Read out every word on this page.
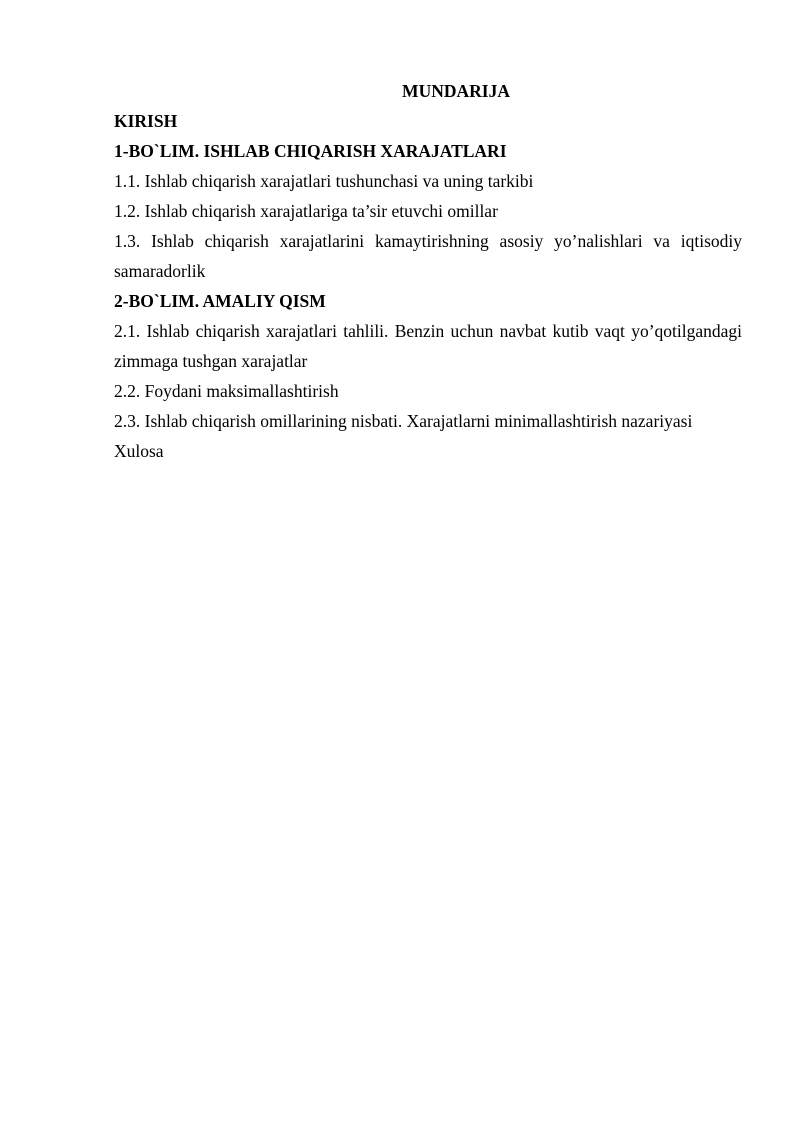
MUNDARIJA

KIRISH

1-BO`LIM. ISHLAB CHIQARISH XARAJATLARI

1.1. Ishlab chiqarish xarajatlari tushunchasi va uning tarkibi

1.2. Ishlab chiqarish xarajatlariga ta’sir etuvchi omillar

1.3. Ishlab chiqarish xarajatlarini kamaytirishning asosiy yo’nalishlari va iqtisodiy samaradorlik

2-BO`LIM. AMALIY QISM

2.1. Ishlab chiqarish xarajatlari tahlili. Benzin uchun navbat kutib vaqt yo’qotilgandagi zimmaga tushgan xarajatlar

2.2. Foydani maksimallashtirish

2.3. Ishlab chiqarish omillarining nisbati. Xarajatlarni minimallashtirish nazariyasi

Xulosa
